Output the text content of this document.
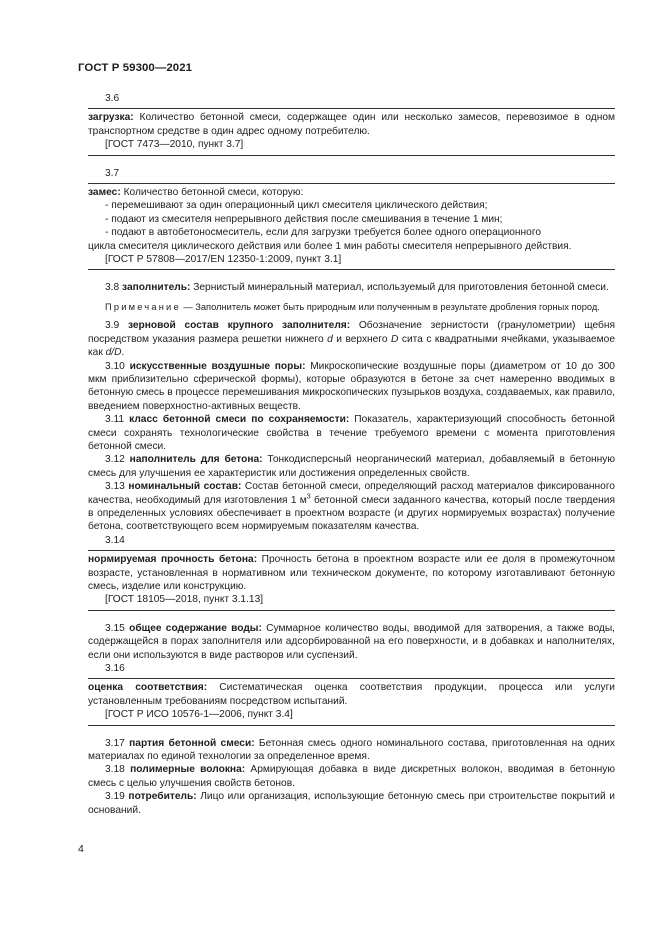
ГОСТ Р 59300—2021
3.6

загрузка: Количество бетонной смеси, содержащее один или несколько замесов, перевозимое в одном транспортном средстве в один адрес одному потребителю.

[ГОСТ 7473—2010, пункт 3.7]

3.7

замес: Количество бетонной смеси, которую:

- перемешивают за один операционный цикл смесителя циклического действия;

- подают из смесителя непрерывного действия после смешивания в течение 1 мин;

- подают в автобетоносмеситель, если для загрузки требуется более одного операционного

цикла смесителя циклического действия или более 1 мин работы смесителя непрерывного действия.

[ГОСТ Р 57808—2017/EN 12350-1:2009, пункт 3.1]

3.8 заполнитель: Зернистый минеральный материал, используемый для приготовления бетонной смеси.

Примечание — Заполнитель может быть природным или полученным в результате дробления горных пород.

3.9 зерновой состав крупного заполнителя: Обозначение зернистости (гранулометрии) щебня посредством указания размера решетки нижнего d и верхнего D сита с квадратными ячейками, указываемое как d/D.

3.10 искусственные воздушные поры: Микроскопические воздушные поры (диаметром от 10 до 300 мкм приблизительно сферической формы), которые образуются в бетоне за счет намеренно вводимых в бетонную смесь в процессе перемешивания микроскопических пузырьков воздуха, создаваемых, как правило, введением поверхностно-активных веществ.

3.11 класс бетонной смеси по сохраняемости: Показатель, характеризующий способность бетонной смеси сохранять технологические свойства в течение требуемого времени с момента приготовления бетонной смеси.

3.12 наполнитель для бетона: Тонкодисперсный неорганический материал, добавляемый в бетонную смесь для улучшения ее характеристик или достижения определенных свойств.

3.13 номинальный состав: Состав бетонной смеси, определяющий расход материалов фиксированного качества, необходимый для изготовления 1 $м^3$ бетонной смеси заданного качества, который после твердения в определенных условиях обеспечивает в проектном возрасте (и других нормируемых возрастах) получение бетона, соответствующего всем нормируемым показателям качества.

3.14

нормируемая прочность бетона: Прочность бетона в проектном возрасте или ее доля в промежуточном возрасте, установленная в нормативном или техническом документе, по которому изготавливают бетонную смесь, изделие или конструкцию.

[ГОСТ 18105—2018, пункт 3.1.13]

3.15 общее содержание воды: Суммарное количество воды, вводимой для затворения, а также воды, содержащейся в порах заполнителя или адсорбированной на его поверхности, и в добавках и наполнителях, если они используются в виде растворов или суспензий.

3.16

оценка соответствия: Систематическая оценка соответствия продукции, процесса или услуги установленным требованиям посредством испытаний.

[ГОСТ Р ИСО 10576-1—2006, пункт 3.4]

3.17 партия бетонной смеси: Бетонная смесь одного номинального состава, приготовленная на одних материалах по единой технологии за определенное время.

3.18 полимерные волокна: Армирующая добавка в виде дискретных волокон, вводимая в бетонную смесь с целью улучшения свойств бетонов.

3.19 потребитель: Лицо или организация, использующие бетонную смесь при строительстве покрытий и оснований.

4
